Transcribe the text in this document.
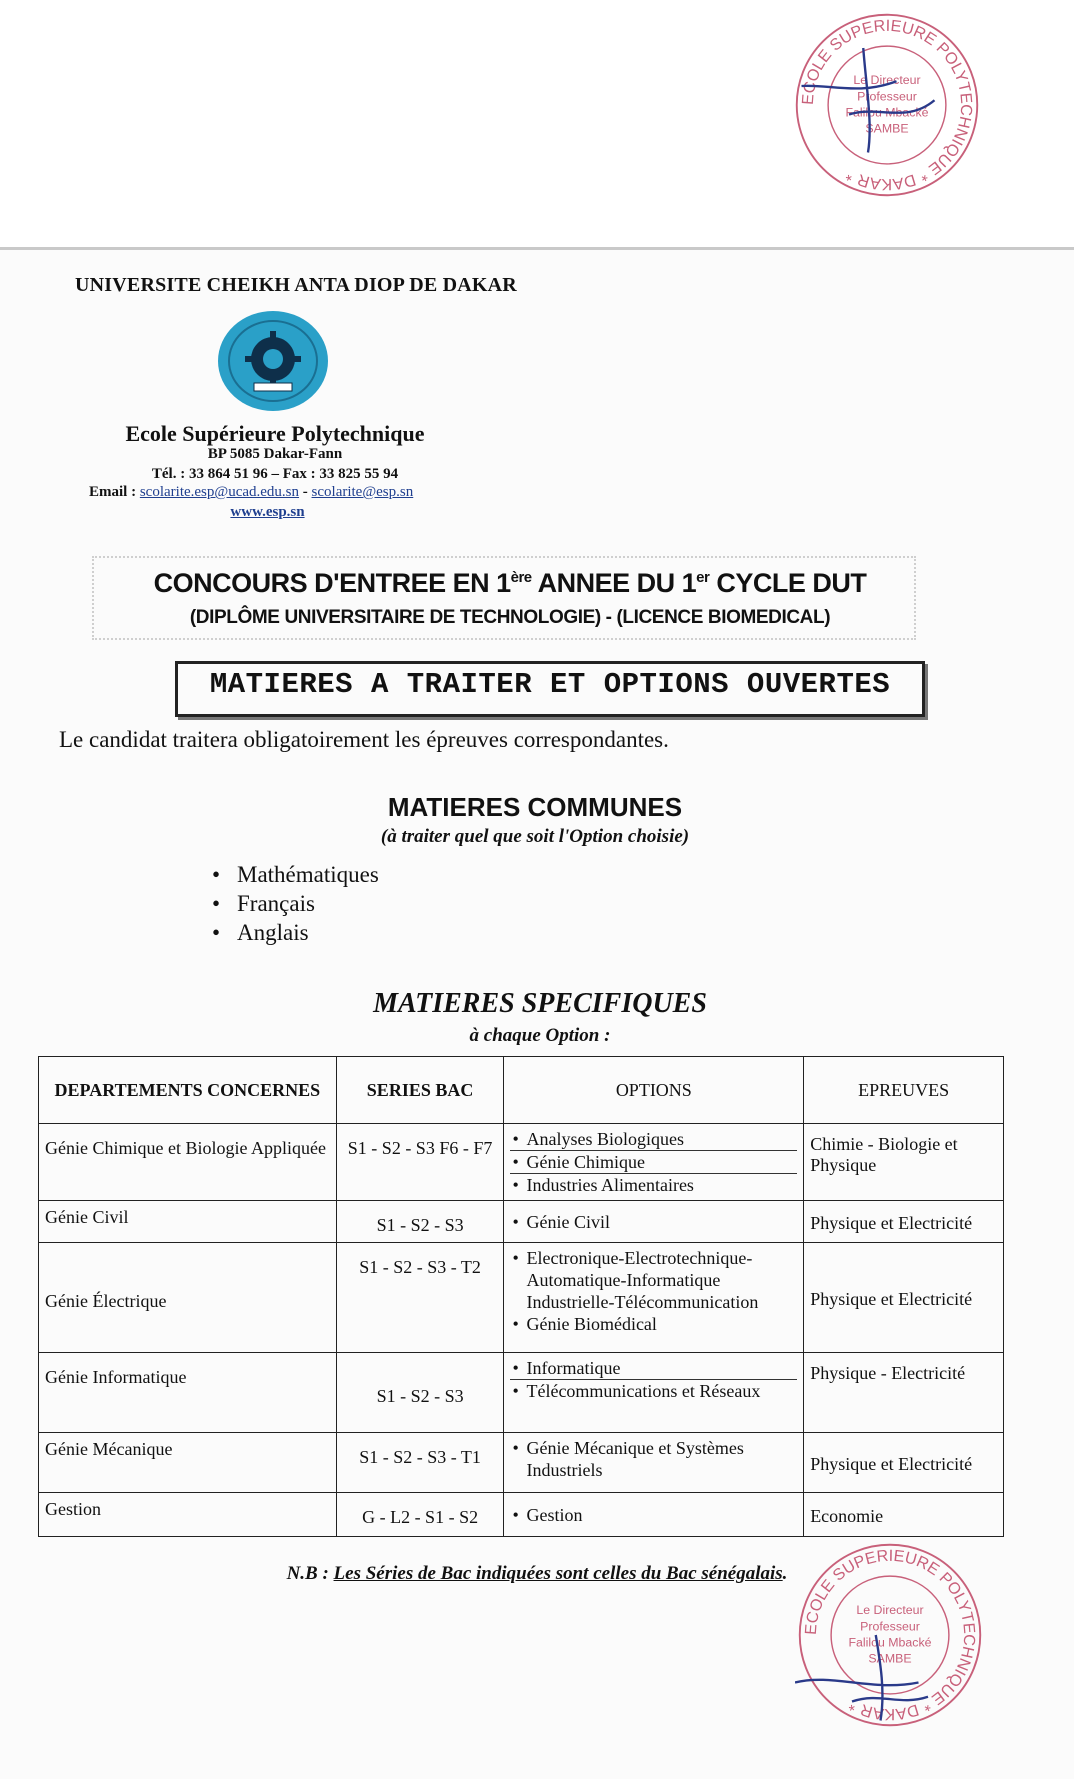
ECOLE SUPERIEURE POLYTECHNIQUE * DAKAR *
Le Directeur
Professeur
Falilou Mbacké
SAMBE
UNIVERSITE CHEIKH ANTA DIOP DE DAKAR
Ecole Supérieure Polytechnique
BP 5085 Dakar-Fann
Tél. : 33 864 51 96 – Fax : 33 825 55 94
Email : scolarite.esp@ucad.edu.sn - scolarite@esp.sn
www.esp.sn
CONCOURS D'ENTREE EN 1ère ANNEE DU 1er CYCLE DUT
(DIPLÔME UNIVERSITAIRE DE TECHNOLOGIE) - (LICENCE BIOMEDICAL)
MATIERES A TRAITER ET OPTIONS OUVERTES
Le candidat traitera obligatoirement les épreuves correspondantes.
MATIERES COMMUNES
(à traiter quel que soit l'Option choisie)
• Mathématiques
• Français
• Anglais
MATIERES SPECIFIQUES
à chaque Option :
DEPARTEMENTS CONCERNES	SERIES BAC	OPTIONS	EPREUVES
Génie Chimique et Biologie Appliquée	S1 - S2 - S3 F6 - F7	• Analyses Biologiques
• Génie Chimique
• Industries Alimentaires	Chimie - Biologie et Physique
Génie Civil	S1 - S2 - S3	• Génie Civil	Physique et Electricité
Génie Électrique	S1 - S2 - S3 - T2	• Electronique-Electrotechnique-Automatique-Informatique Industrielle-Télécommunication
• Génie Biomédical	Physique et Electricité
Génie Informatique	S1 - S2 - S3	• Informatique
• Télécommunications et Réseaux	Physique - Electricité
Génie Mécanique	S1 - S2 - S3 - T1	• Génie Mécanique et Systèmes Industriels	Physique et Electricité
Gestion	G - L2 - S1 - S2	• Gestion	Economie
N.B : Les Séries de Bac indiquées sont celles du Bac sénégalais.
ECOLE SUPERIEURE POLYTECHNIQUE * DAKAR *
Le Directeur
Professeur
Falilou Mbacké
SAMBE
